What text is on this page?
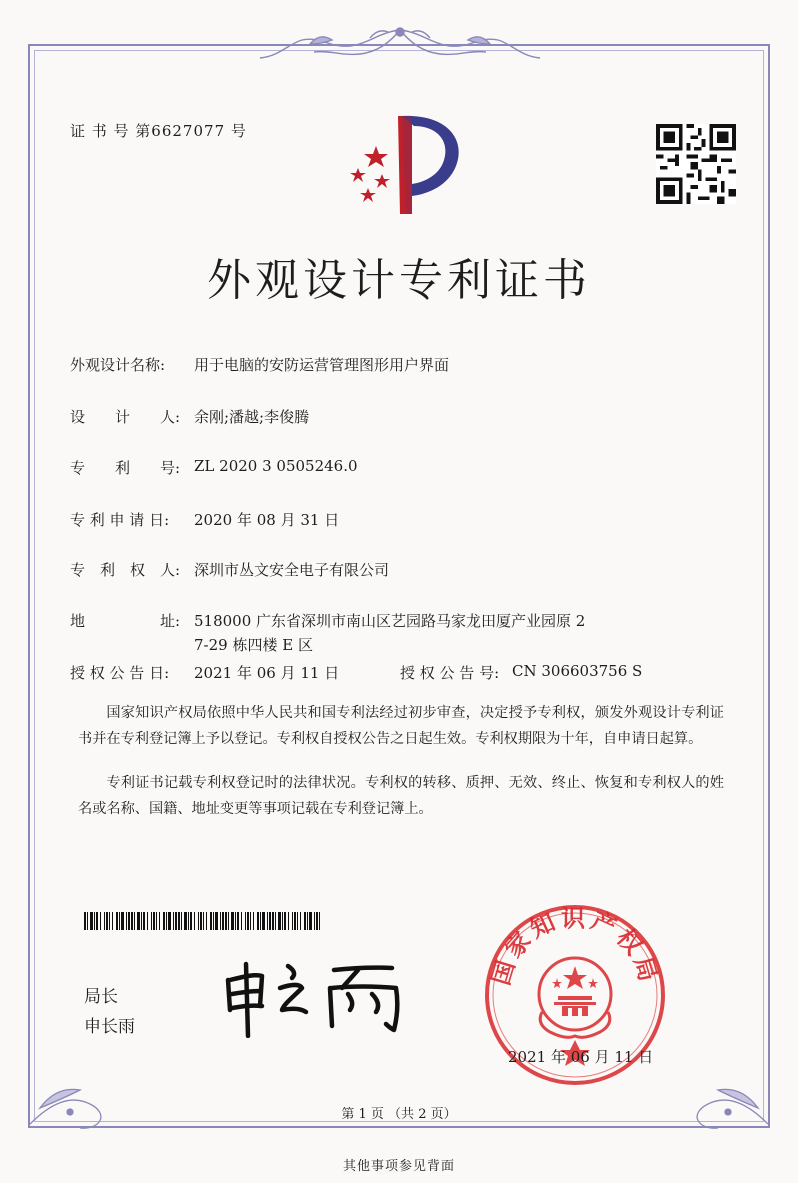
证 书 号 第6627077 号
外观设计专利证书
外观设计名称: 用于电脑的安防运营管理图形用户界面
设　　计　　人: 余刚;潘越;李俊腾
专　　利　　号: ZL 2020 3 0505246.0
专 利 申 请 日: 2020 年 08 月 31 日
专　利　权　人: 深圳市丛文安全电子有限公司
地　　　　　址: 518000 广东省深圳市南山区艺园路马家龙田厦产业园原 2
7-29 栋四楼 E 区
授 权 公 告 日: 2021 年 06 月 11 日	授 权 公 告 号: CN 306603756 S
国家知识产权局依照中华人民共和国专利法经过初步审查，决定授予专利权，颁发外观设计专利证书并在专利登记簿上予以登记。专利权自授权公告之日起生效。专利权期限为十年，自申请日起算。
专利证书记载专利权登记时的法律状况。专利权的转移、质押、无效、终止、恢复和专利权人的姓名或名称、国籍、地址变更等事项记载在专利登记簿上。
局长
申长雨
国家知识产权局
2021 年 06 月 11 日
第 1 页 （共 2 页）
其他事项参见背面
